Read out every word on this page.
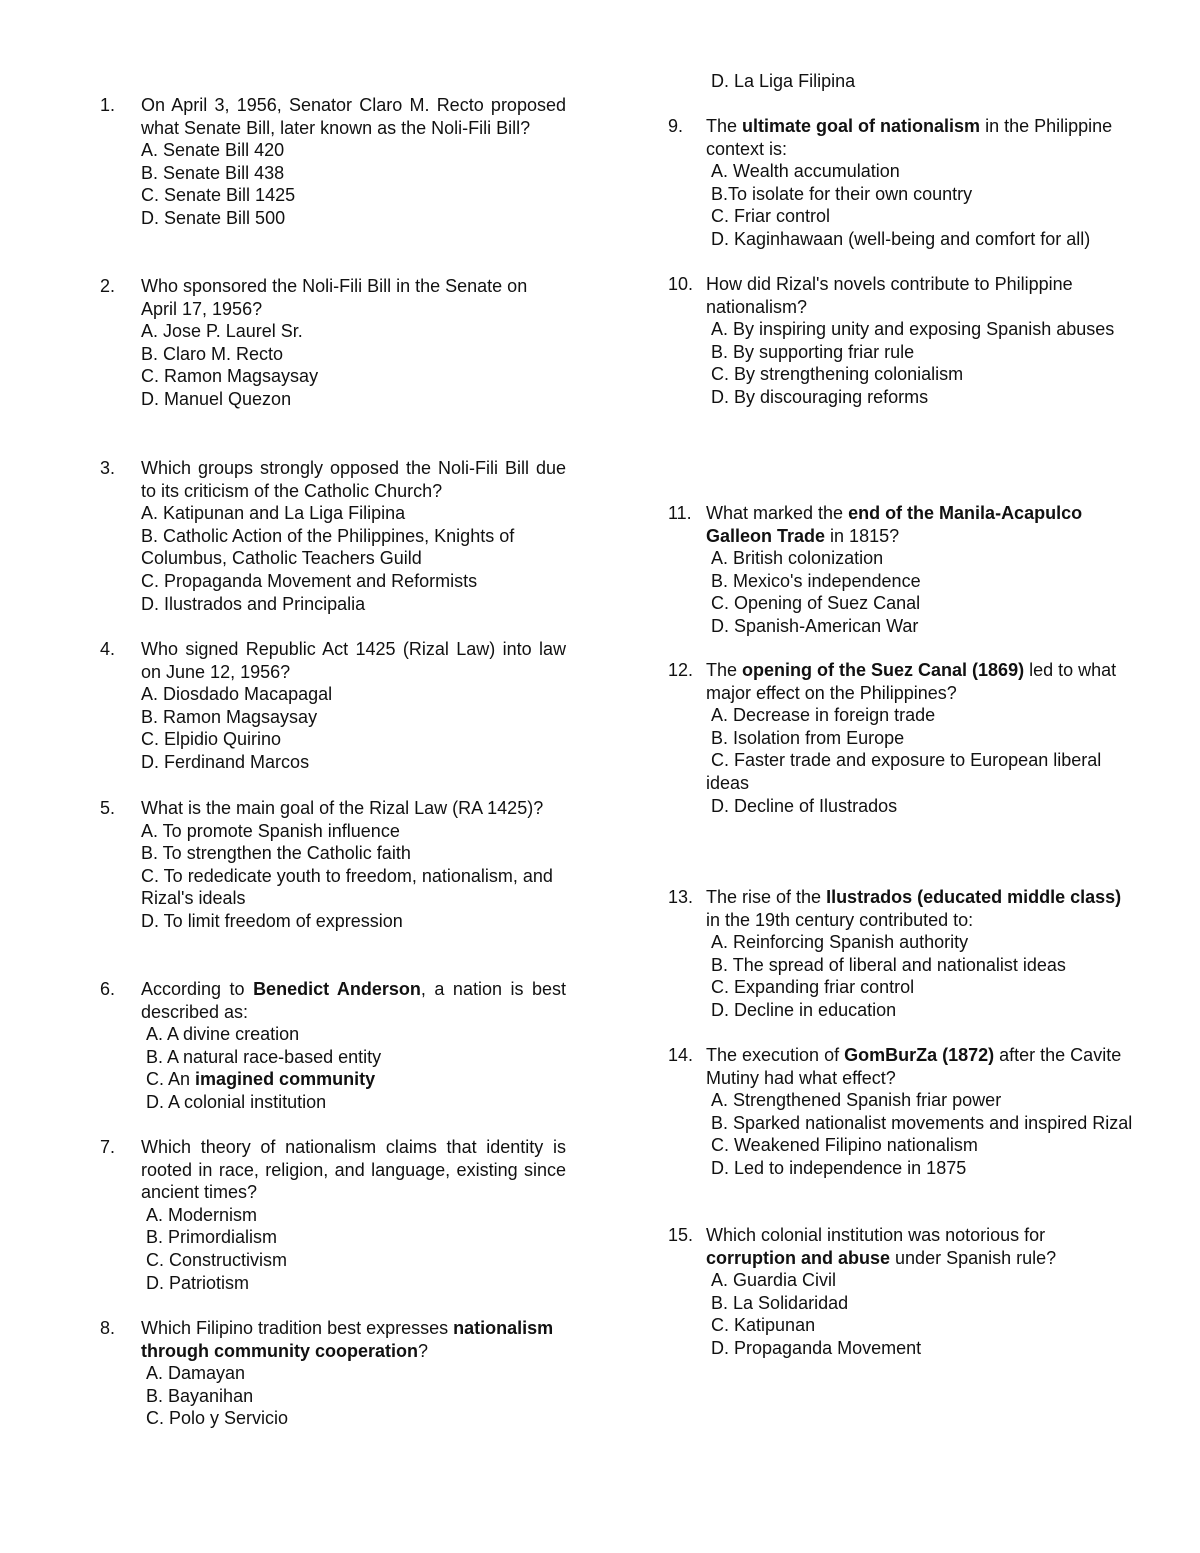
1. On April 3, 1956, Senator Claro M. Recto proposed what Senate Bill, later known as the Noli-Fili Bill?
A. Senate Bill 420
B. Senate Bill 438
C. Senate Bill 1425
D. Senate Bill 500
2. Who sponsored the Noli-Fili Bill in the Senate on April 17, 1956?
A. Jose P. Laurel Sr.
B. Claro M. Recto
C. Ramon Magsaysay
D. Manuel Quezon
3. Which groups strongly opposed the Noli-Fili Bill due to its criticism of the Catholic Church?
A. Katipunan and La Liga Filipina
B. Catholic Action of the Philippines, Knights of Columbus, Catholic Teachers Guild
C. Propaganda Movement and Reformists
D. Ilustrados and Principalia
4. Who signed Republic Act 1425 (Rizal Law) into law on June 12, 1956?
A. Diosdado Macapagal
B. Ramon Magsaysay
C. Elpidio Quirino
D. Ferdinand Marcos
5. What is the main goal of the Rizal Law (RA 1425)?
A. To promote Spanish influence
B. To strengthen the Catholic faith
C. To rededicate youth to freedom, nationalism, and Rizal's ideals
D. To limit freedom of expression
6. According to Benedict Anderson, a nation is best described as:
A. A divine creation
B. A natural race-based entity
C. An imagined community
D. A colonial institution
7. Which theory of nationalism claims that identity is rooted in race, religion, and language, existing since ancient times?
A. Modernism
B. Primordialism
C. Constructivism
D. Patriotism
8. Which Filipino tradition best expresses nationalism through community cooperation?
A. Damayan
B. Bayanihan
C. Polo y Servicio
D. La Liga Filipina
9. The ultimate goal of nationalism in the Philippine context is:
A. Wealth accumulation
B.To isolate for their own country
C. Friar control
D. Kaginhawaan (well-being and comfort for all)
10. How did Rizal's novels contribute to Philippine nationalism?
A. By inspiring unity and exposing Spanish abuses
B. By supporting friar rule
C. By strengthening colonialism
D. By discouraging reforms
11. What marked the end of the Manila-Acapulco Galleon Trade in 1815?
A. British colonization
B. Mexico's independence
C. Opening of Suez Canal
D. Spanish-American War
12. The opening of the Suez Canal (1869) led to what major effect on the Philippines?
A. Decrease in foreign trade
B. Isolation from Europe
C. Faster trade and exposure to European liberal ideas
D. Decline of Ilustrados
13. The rise of the Ilustrados (educated middle class) in the 19th century contributed to:
A. Reinforcing Spanish authority
B. The spread of liberal and nationalist ideas
C. Expanding friar control
D. Decline in education
14. The execution of GomBurZa (1872) after the Cavite Mutiny had what effect?
A. Strengthened Spanish friar power
B. Sparked nationalist movements and inspired Rizal
C. Weakened Filipino nationalism
D. Led to independence in 1875
15. Which colonial institution was notorious for corruption and abuse under Spanish rule?
A. Guardia Civil
B. La Solidaridad
C. Katipunan
D. Propaganda Movement
